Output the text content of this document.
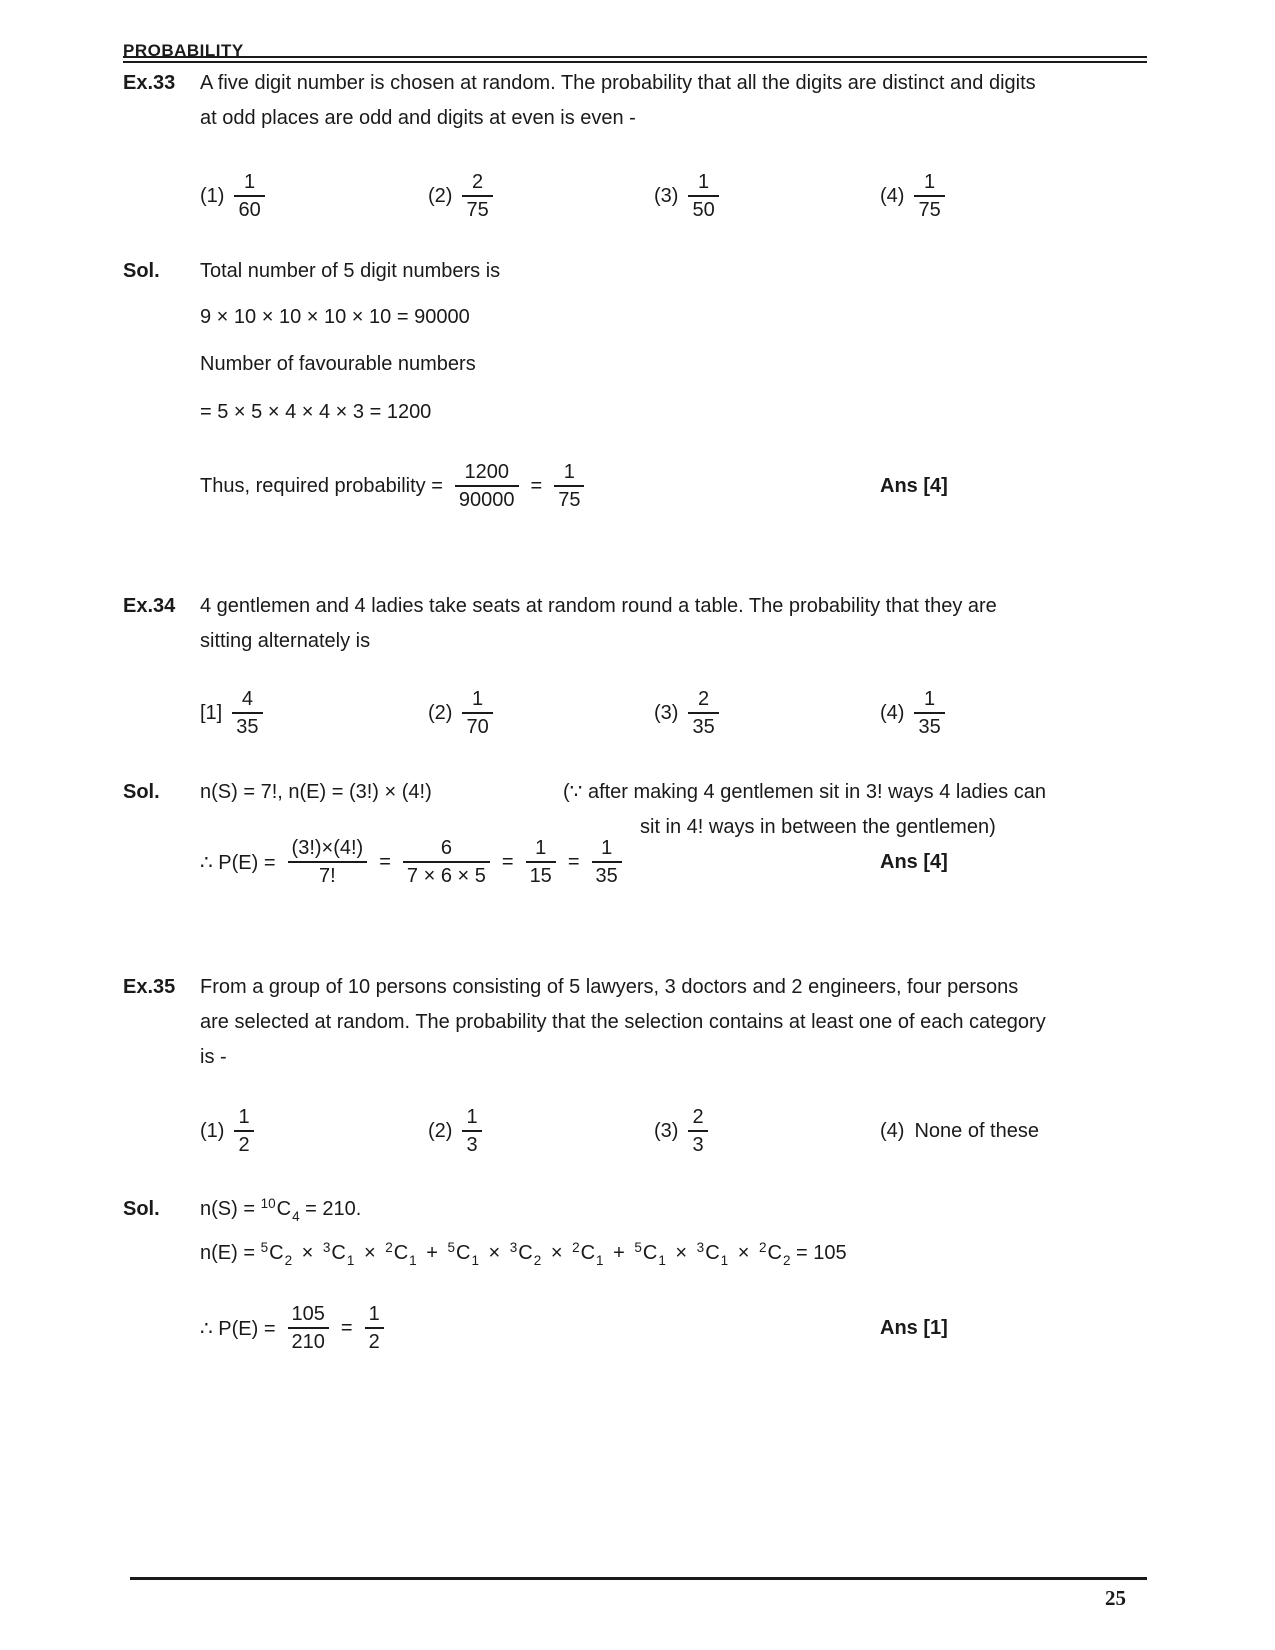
PROBABILITY
Ex.33 A five digit number is chosen at random. The probability that all the digits are distinct and digits
at odd places are odd and digits at even is even -
$(1) \frac{1}{60}$	$(2) \frac{2}{75}$	$(3) \frac{1}{50}$	$(4) \frac{1}{75}$
Sol. Total number of 5 digit numbers is
9 × 10 × 10 × 10 × 10 = 90000
Number of favourable numbers
= 5 × 5 × 4 × 4 × 3 = 1200
Thus, required probability = $\frac{1200}{90000} = \frac{1}{75}$	Ans [4]
Ex.34 4 gentlemen and 4 ladies take seats at random round a table. The probability that they are
sitting alternately is
$[1] \frac{4}{35}$	$(2) \frac{1}{70}$	$(3) \frac{2}{35}$	$(4) \frac{1}{35}$
Sol. n(S) = 7!, n(E) = (3!) × (4!)	(∵ after making 4 gentlemen sit in 3! ways 4 ladies can
sit in 4! ways in between the gentlemen)
∴ $P(E) = \frac{(3!)\times(4!)}{7!} = \frac{6}{7 \times 6 \times 5} = \frac{1}{15} = \frac{1}{35}$	Ans [4]
Ex.35 From a group of 10 persons consisting of 5 lawyers, 3 doctors and 2 engineers, four persons
are selected at random. The probability that the selection contains at least one of each category
is -
$(1) \frac{1}{2}$	$(2) \frac{1}{3}$	$(3) \frac{2}{3}$	(4) None of these
Sol. $n(S) = ^{10}C_4 = 210$.
$n(E) = ^5C_2 \times ^3C_1 \times ^2C_1 + ^5C_1 \times ^3C_2 \times ^2C_1 + ^5C_1 \times ^3C_1 \times ^2C_2 = 105$
∴ $P(E) = \frac{105}{210} = \frac{1}{2}$	Ans [1]
25
